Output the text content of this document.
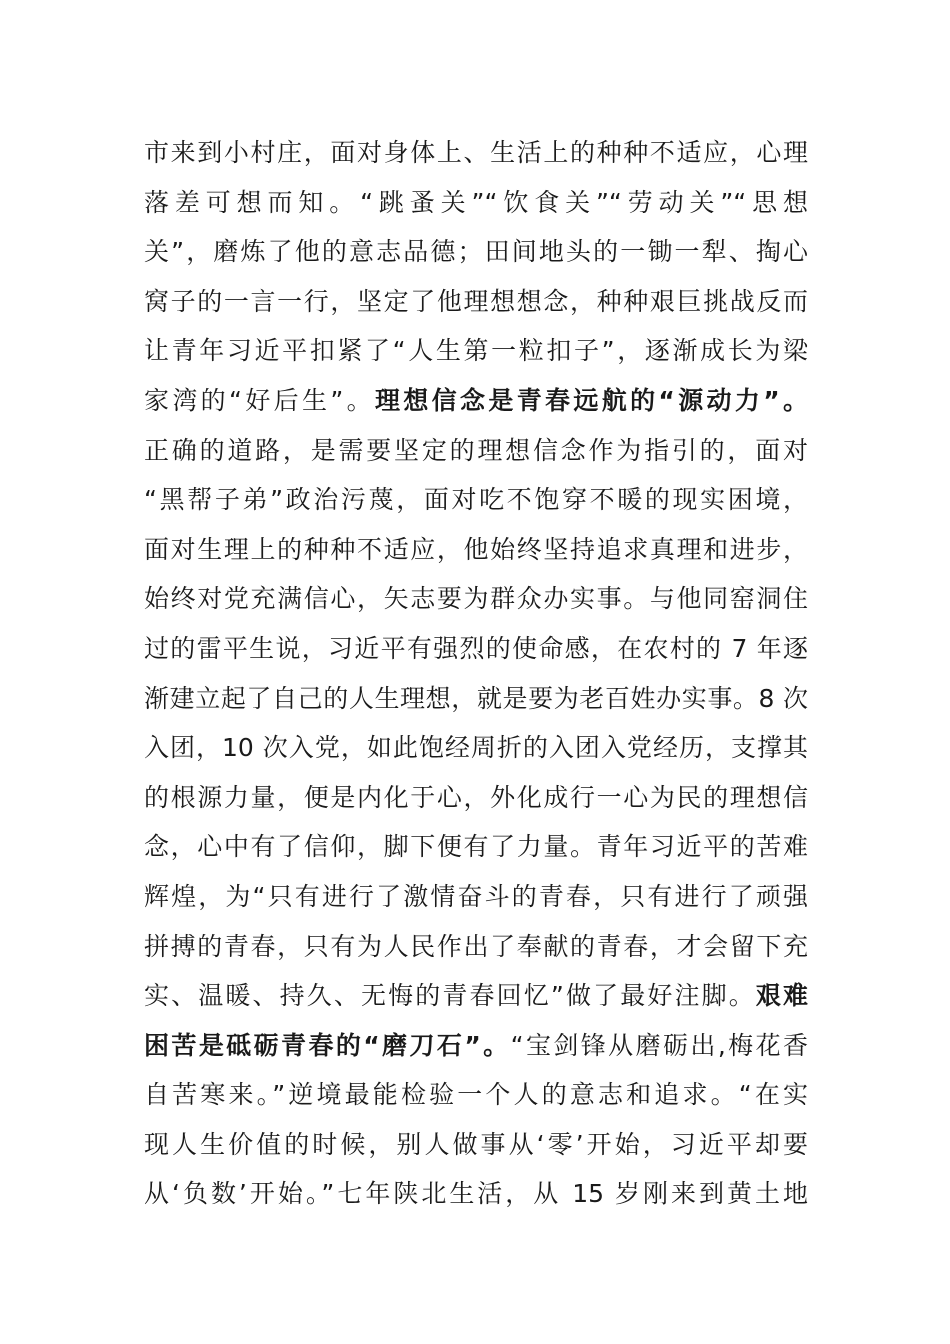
市来到小村庄，面对身体上、生活上的种种不适应，心理
落差可想而知。“跳蚤关”“饮食关”“劳动关”“思想
关”，磨炼了他的意志品德；田间地头的一锄一犁、掏心
窝子的一言一行，坚定了他理想想念，种种艰巨挑战反而
让青年习近平扣紧了“人生第一粒扣子”，逐渐成长为梁
家湾的“好后生”。理想信念是青春远航的“源动力”。
正确的道路，是需要坚定的理想信念作为指引的，面对
“黑帮子弟”政治污蔑，面对吃不饱穿不暖的现实困境，
面对生理上的种种不适应，他始终坚持追求真理和进步，
始终对党充满信心，矢志要为群众办实事。与他同窑洞住
过的雷平生说，习近平有强烈的使命感，在农村的 7 年逐
渐建立起了自己的人生理想，就是要为老百姓办实事。8 次
入团，10 次入党，如此饱经周折的入团入党经历，支撑其
的根源力量，便是内化于心，外化成行一心为民的理想信
念，心中有了信仰，脚下便有了力量。青年习近平的苦难
辉煌，为“只有进行了激情奋斗的青春，只有进行了顽强
拼搏的青春，只有为人民作出了奉献的青春，才会留下充
实、温暖、持久、无悔的青春回忆”做了最好注脚。艰难
困苦是砥砺青春的“磨刀石”。“宝剑锋从磨砺出,梅花香
自苦寒来。”逆境最能检验一个人的意志和追求。“在实
现人生价值的时候，别人做事从‘零’开始，习近平却要
从‘负数’开始。”七年陕北生活，从 15 岁刚来到黄土地
